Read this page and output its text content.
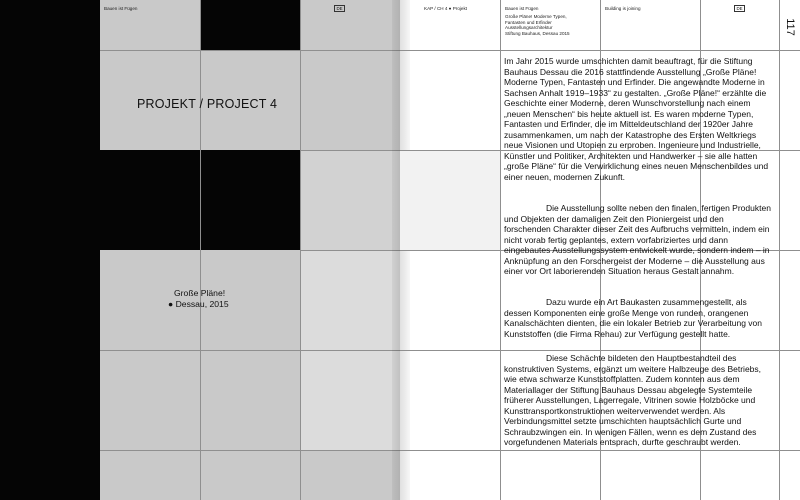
Bauen ist Fügen	DE
PROJEKT / PROJECT 4
Große Pläne!
● Dessau, 2015
KAP / CH 4 ● Projekt	Bauen ist Fügen	Building is joining	DE
Große Pläne! Moderne Typen,
Fantasten und Erfinder
Ausstellungsarchitektur
Stiftung Bauhaus, Dessau 2015	117

Im Jahr 2015 wurde umschichten damit beauftragt, für die Stiftung Bauhaus Dessau die 2016 stattfindende Ausstellung „Große Pläne! Moderne Typen, Fantasten und Erfinder. Die angewandte Moderne in Sachsen Anhalt 1919–1933“ zu gestalten. „Große Pläne!“ erzählte die Geschichte einer Moderne, deren Wunschvorstellung nach einem „neuen Menschen“ bis heute aktuell ist. Es waren moderne Typen, Fantasten und Erfinder, die im Mitteldeutschland der 1920er Jahre zusammenkamen, um nach der Katastrophe des Ersten Weltkriegs neue Visionen und Utopien zu erproben. Ingenieure und Industrielle, Künstler und Politiker, Architekten und Handwerker – sie alle hatten „große Pläne“ für die Verwirklichung eines neuen Menschenbildes und einer neuen, modernen Zukunft.

Die Ausstellung sollte neben den finalen, fertigen Produkten und Objekten der damaligen Zeit den Pioniergeist und den forschenden Charakter dieser Zeit des Aufbruchs vermitteln, indem ein nicht vorab fertig geplantes, extern vorfabriziertes und dann eingebautes Ausstellungssystem entwickelt wurde, sondern indem – in Anknüpfung an den Forschergeist der Moderne – die Ausstellung aus einer vor Ort laborierenden Situation heraus Gestalt annahm.

Dazu wurde ein Art Baukasten zusammengestellt, als dessen Komponenten eine große Menge von runden, orangenen Kanalschächten dienten, die ein lokaler Betrieb zur Verarbeitung von Kunststoffen (die Firma Rehau) zur Verfügung gestellt hatte.

Diese Schächte bildeten den Hauptbestandteil des konstruktiven Systems, ergänzt um weitere Halbzeuge des Betriebs, wie etwa schwarze Kunststoffplatten. Zudem konnten aus dem Materiallager der Stiftung Bauhaus Dessau abgelegte Systemteile früherer Ausstellungen, Lagerregale, Vitrinen sowie Holzböcke und Kunsttransportkonstruktionen weiterverwendet werden. Als Verbindungsmittel setzte umschichten hauptsächlich Gurte und Schraubzwingen ein. In wenigen Fällen, wenn es dem Zustand des vorgefundenen Materials entsprach, durfte geschraubt werden.
